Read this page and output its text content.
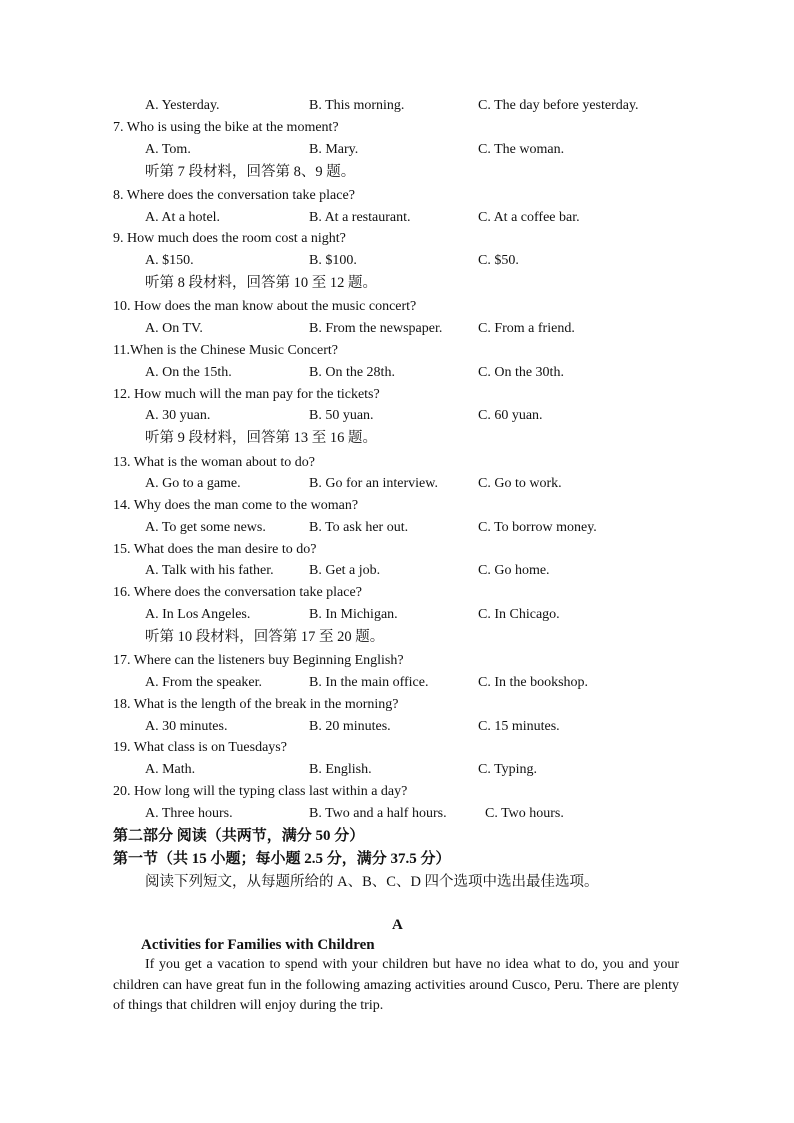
A. Yesterday.	B. This morning.	C. The day before yesterday.
7. Who is using the bike at the moment?
A. Tom.	B. Mary.	C. The woman.
听第 7 段材料，回答第 8、9 题。
8. Where does the conversation take place?
A. At a hotel.	B. At a restaurant.	C. At a coffee bar.
9. How much does the room cost a night?
A. $150.	B. $100.	C. $50.
听第 8 段材料，回答第 10 至 12 题。
10. How does the man know about the music concert?
A. On TV.	B. From the newspaper.	C. From a friend.
11.When is the Chinese Music Concert?
A. On the 15th.	B. On the 28th.	C. On the 30th.
12. How much will the man pay for the tickets?
A. 30 yuan.	B. 50 yuan.	C. 60 yuan.
听第 9 段材料，回答第 13 至 16 题。
13. What is the woman about to do?
A. Go to a game.	B. Go for an interview.	C. Go to work.
14. Why does the man come to the woman?
A. To get some news.	B. To ask her out.	C. To borrow money.
15. What does the man desire to do?
A. Talk with his father.	B. Get a job.	C. Go home.
16. Where does the conversation take place?
A. In Los Angeles.	B. In Michigan.	C. In Chicago.
听第 10 段材料，回答第 17 至 20 题。
17. Where can the listeners buy Beginning English?
A. From the speaker.	B. In the main office.	C. In the bookshop.
18. What is the length of the break in the morning?
A. 30 minutes.	B. 20 minutes.	C. 15 minutes.
19. What class is on Tuesdays?
A. Math.	B. English.	C. Typing.
20. How long will the typing class last within a day?
A. Three hours.	B. Two and a half hours.	C. Two hours.
第二部分 阅读（共两节，满分 50 分）
第一节（共 15 小题；每小题 2.5 分，满分 37.5 分）
阅读下列短文，从每题所给的 A、B、C、D 四个选项中选出最佳选项。
A
Activities for Families with Children
If you get a vacation to spend with your children but have no idea what to do, you and your children can have great fun in the following amazing activities around Cusco, Peru. There are plenty of things that children will enjoy during the trip.
